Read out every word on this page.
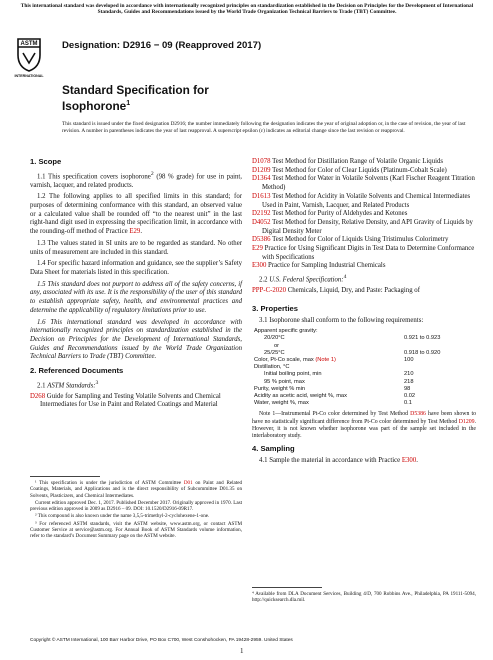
This international standard was developed in accordance with internationally recognized principles on standardization established in the Decision on Principles for the Development of International Standards, Guides and Recommendations issued by the World Trade Organization Technical Barriers to Trade (TBT) Committee.
ASTM
INTERNATIONAL
Designation: D2916 − 09 (Reapproved 2017)
Standard Specification for
Isophorone$^1$
This standard is issued under the fixed designation D2916; the number immediately following the designation indicates the year of original adoption or, in the case of revision, the year of last revision. A number in parentheses indicates the year of last reapproval. A superscript epsilon (ε) indicates an editorial change since the last revision or reapproval.
1. Scope

1.1 This specification covers isophorone$^2$ (98 % grade) for use in paint, varnish, lacquer, and related products.

1.2 The following applies to all specified limits in this standard; for purposes of determining conformance with this standard, an observed value or a calculated value shall be rounded off “to the nearest unit” in the last right-hand digit used in expressing the specification limit, in accordance with the rounding-off method of Practice E29.

1.3 The values stated in SI units are to be regarded as standard. No other units of measurement are included in this standard.

1.4 For specific hazard information and guidance, see the supplier’s Safety Data Sheet for materials listed in this specification.

1.5 This standard does not purport to address all of the safety concerns, if any, associated with its use. It is the responsibility of the user of this standard to establish appropriate safety, health, and environmental practices and determine the applicability of regulatory limitations prior to use.

1.6 This international standard was developed in accordance with internationally recognized principles on standardization established in the Decision on Principles for the Development of International Standards, Guides and Recommendations issued by the World Trade Organization Technical Barriers to Trade (TBT) Committee.

2. Referenced Documents
2.1 ASTM Standards:$^3$

D268 Guide for Sampling and Testing Volatile Solvents and Chemical Intermediates for Use in Paint and Related Coatings and Material

¹ This specification is under the jurisdiction of ASTM Committee D01 on Paint and Related Coatings, Materials, and Applications and is the direct responsibility of Subcommittee D01.35 on Solvents, Plasticizers, and Chemical Intermediates.

Current edition approved Dec. 1, 2017. Published December 2017. Originally approved in 1970. Last previous edition approved in 2009 as D2916 – 09. DOI: 10.1520/D2916-09R17.

² This compound is also known under the name 3,5,5-trimethyl-2-cyclohexene-1-one.

³ For referenced ASTM standards, visit the ASTM website, www.astm.org, or contact ASTM Customer Service at service@astm.org. For Annual Book of ASTM Standards volume information, refer to the standard’s Document Summary page on the ASTM website.

D1078 Test Method for Distillation Range of Volatile Organic Liquids

D1209 Test Method for Color of Clear Liquids (Platinum-Cobalt Scale)

D1364 Test Method for Water in Volatile Solvents (Karl Fischer Reagent Titration Method)

D1613 Test Method for Acidity in Volatile Solvents and Chemical Intermediates Used in Paint, Varnish, Lacquer, and Related Products

D2192 Test Method for Purity of Aldehydes and Ketones

D4052 Test Method for Density, Relative Density, and API Gravity of Liquids by Digital Density Meter

D5386 Test Method for Color of Liquids Using Tristimulus Colorimetry

E29 Practice for Using Significant Digits in Test Data to Determine Conformance with Specifications

E300 Practice for Sampling Industrial Chemicals

2.2 U.S. Federal Specification:$^4$

PPP-C-2020 Chemicals, Liquid, Dry, and Paste: Packaging of

3. Properties

3.1 Isophorone shall conform to the following requirements:

Apparent specific gravity:	
20/20°C	0.921 to 0.923
or	
25/25°C	0.918 to 0.920
Color, Pt-Co scale, max (Note 1)	100
Distillation, °C	
Initial boiling point, min	210
95 % point, max	218
Purity, weight % min	98
Acidity as acetic acid, weight %, max	0.02
Water, weight %, max	0.1

Note 1—Instrumental Pt-Co color determined by Test Method D5386 have been shown to have no statistically significant difference from Pt-Co color determined by Test Method D1209. However, it is not known whether isophorone was part of the sample set included in the interlaboratory study.

4. Sampling

4.1 Sample the material in accordance with Practice E300.

⁴ Available from DLA Document Services, Building 4/D, 700 Robbins Ave., Philadelphia, PA 19111-5094, http://quicksearch.dla.mil.
Copyright © ASTM International, 100 Barr Harbor Drive, PO Box C700, West Conshohocken, PA 19428-2959. United States
1
